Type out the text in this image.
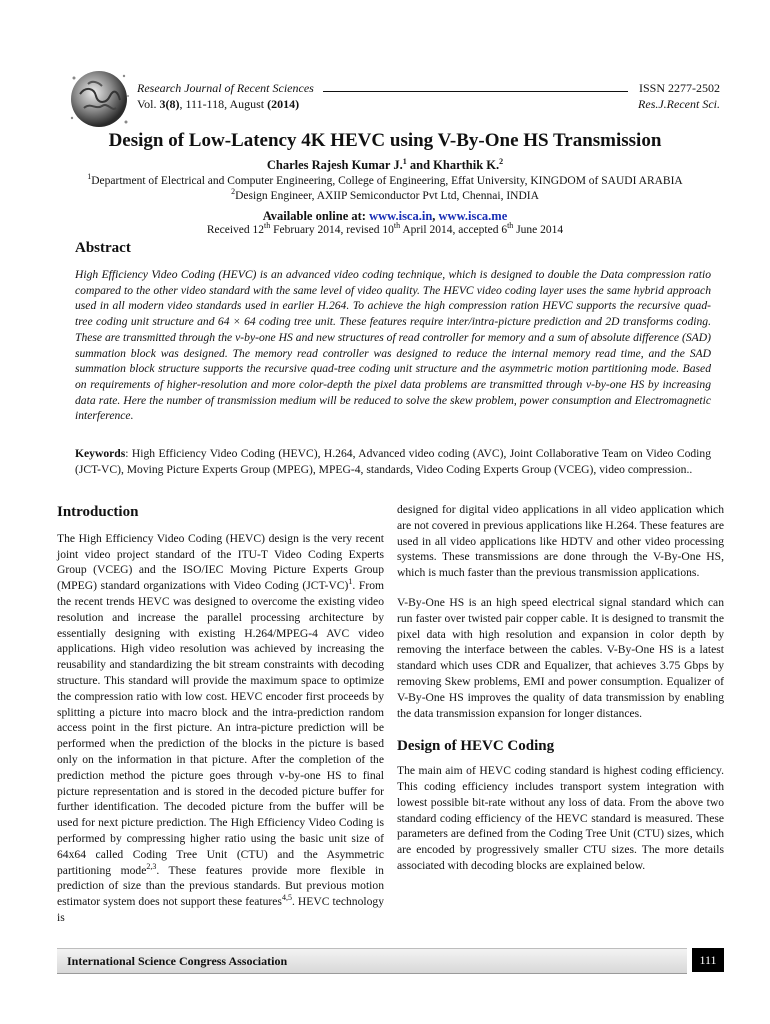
Research Journal of Recent Sciences
Vol. 3(8), 111-118, August (2014)
ISSN 2277-2502
Res.J.Recent Sci.
Design of Low-Latency 4K HEVC using V-By-One HS Transmission
Charles Rajesh Kumar J.$^1$ and Kharthik K.$^2$
$^1$Department of Electrical and Computer Engineering, College of Engineering, Effat University, KINGDOM of SAUDI ARABIA
$^2$Design Engineer, AXIIP Semiconductor Pvt Ltd, Chennai, INDIA
Available online at: www.isca.in, www.isca.me
Received 12th February 2014, revised 10th April 2014, accepted 6th June 2014
Abstract

High Efficiency Video Coding (HEVC) is an advanced video coding technique, which is designed to double the Data compression ratio compared to the other video standard with the same level of video quality. The HEVC video coding layer uses the same hybrid approach used in all modern video standards used in earlier H.264. To achieve the high compression ration HEVC supports the recursive quad-tree coding unit structure and 64 × 64 coding tree unit. These features require inter/intra-picture prediction and 2D transforms coding. These are transmitted through the v-by-one HS and new structures of read controller for memory and a sum of absolute difference (SAD) summation block was designed. The memory read controller was designed to reduce the internal memory read time, and the SAD summation block structure supports the recursive quad-tree coding unit structure and the asymmetric motion partitioning mode. Based on requirements of higher-resolution and more color-depth the pixel data problems are transmitted through v-by-one HS by increasing data rate. Here the number of transmission medium will be reduced to solve the skew problem, power consumption and Electromagnetic interference.

Keywords: High Efficiency Video Coding (HEVC), H.264, Advanced video coding (AVC), Joint Collaborative Team on Video Coding (JCT-VC), Moving Picture Experts Group (MPEG), MPEG-4, standards, Video Coding Experts Group (VCEG), video compression..

Introduction

The High Efficiency Video Coding (HEVC) design is the very recent joint video project standard of the ITU-T Video Coding Experts Group (VCEG) and the ISO/IEC Moving Picture Experts Group (MPEG) standard organizations with Video Coding $(JCT-VC)^1$. From the recent trends HEVC was designed to overcome the existing video resolution and increase the parallel processing architecture by essentially designing with existing H.264/MPEG-4 AVC video applications. High video resolution was achieved by increasing the reusability and standardizing the bit stream constraints with decoding structure. This standard will provide the maximum space to optimize the compression ratio with low cost. HEVC encoder first proceeds by splitting a picture into macro block and the intra-prediction random access point in the first picture. An intra-picture prediction will be performed when the prediction of the blocks in the picture is based only on the information in that picture. After the completion of the prediction method the picture goes through v-by-one HS to final picture representation and is stored in the decoded picture buffer for further identification. The decoded picture from the buffer will be used for next picture prediction. The High Efficiency Video Coding is performed by compressing higher ratio using the basic unit size of 64x64 called Coding Tree Unit (CTU) and the Asymmetric partitioning mode$^{2,3}$. These features provide more flexible in prediction of size than the previous standards. But previous motion estimator system does not support these features$^{4,5}$. HEVC technology is

designed for digital video applications in all video application which are not covered in previous applications like H.264. These features are used in all video applications like HDTV and other video processing systems. These transmissions are done through the V-By-One HS, which is much faster than the previous transmission applications.

V-By-One HS is an high speed electrical signal standard which can run faster over twisted pair copper cable. It is designed to transmit the pixel data with high resolution and expansion in color depth by removing the interface between the cables. V-By-One HS is a latest standard which uses CDR and Equalizer, that achieves 3.75 Gbps by removing Skew problems, EMI and power consumption. Equalizer of V-By-One HS improves the quality of data transmission by enabling the data transmission expansion for longer distances.

Design of HEVC Coding

The main aim of HEVC coding standard is highest coding efficiency. This coding efficiency includes transport system integration with lowest possible bit-rate without any loss of data. From the above two standard coding efficiency of the HEVC standard is measured. These parameters are defined from the Coding Tree Unit (CTU) sizes, which are encoded by progressively smaller CTU sizes. The more details associated with decoding blocks are explained below.

International Science Congress Association	111
